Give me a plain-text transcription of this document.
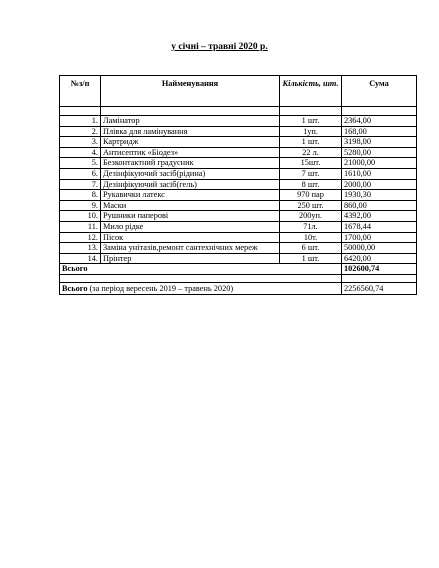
у січні – травні 2020 р.
№з/п	Найменування	Кількість, шт.	Сума

1.	Ламінатор	1 шт.	2364,00
2.	Плівка для ламінування	1уп.	168,00
3.	Картридж	1 шт.	3198,00
4.	Антисептик «Біодез»	22 л.	5280,00
5.	Безконтактний градусник	15шт.	21000,00
6.	Дезінфікуючий засіб(рідина)	7 шт.	1610,00
7.	Дезінфікуючий засіб(гель)	8 шт.	2000,00
8.	Рукавички латекс	970 пар	1930,30
9.	Маски	250 шт.	860,00
10.	Рушники паперові	200уп.	4392,00
11.	Мило рідке	71л.	1678,44
12.	Пісок	10т.	1700,00
13.	Заміна унітазів,ремонт сантехнічних мереж	6 шт.	50000,00
14.	Прінтер	1 шт.	6420,00
Всього			102600,74

Всього (за період вересень 2019 – травень 2020)			2256560,74
